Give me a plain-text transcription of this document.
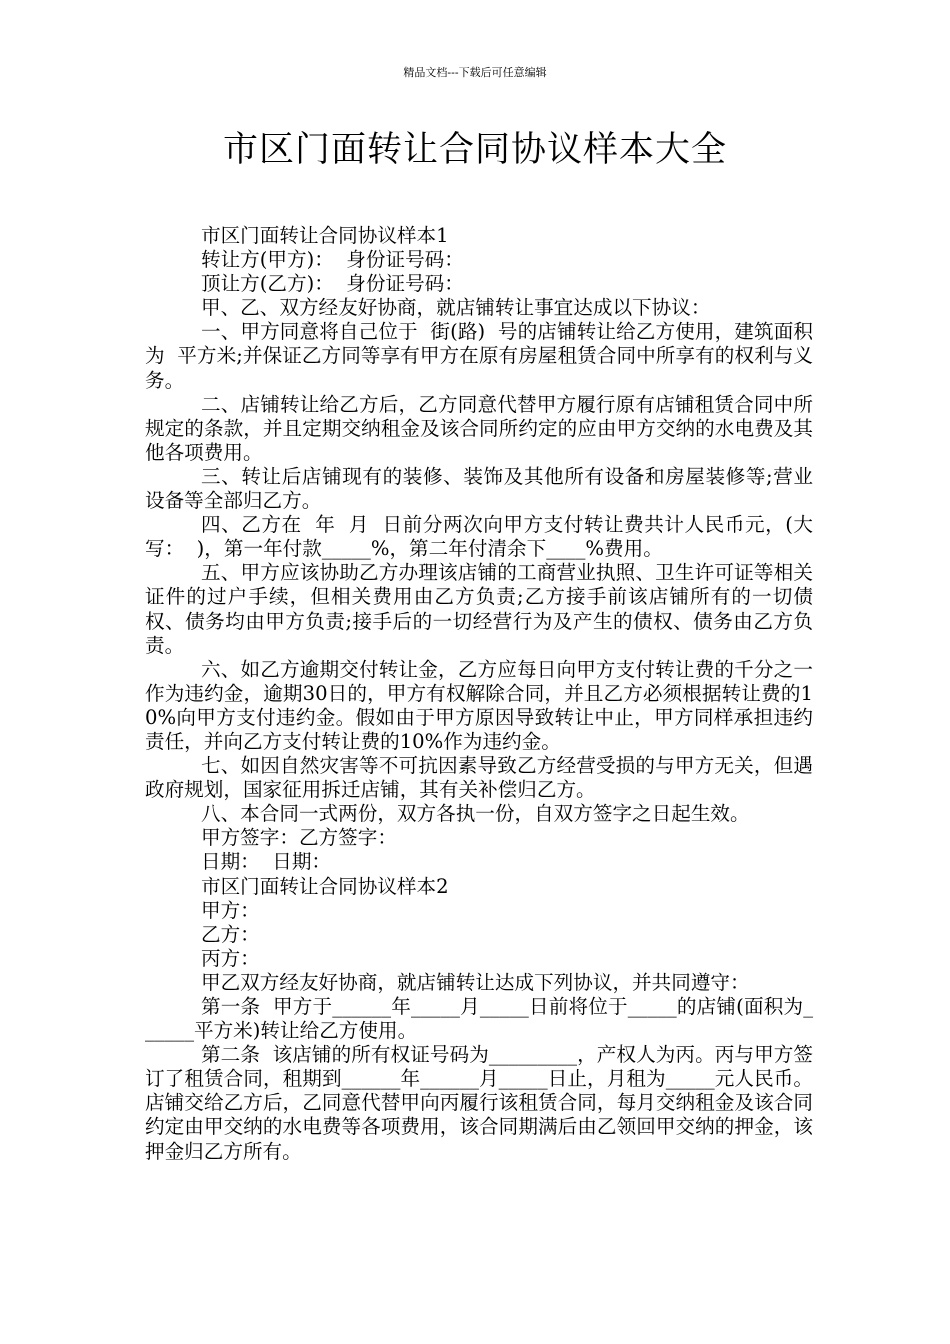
精品文档---下载后可任意编辑
市区门面转让合同协议样本大全

市区门面转让合同协议样本1

转让方(甲方)：  身份证号码：

顶让方(乙方)：  身份证号码：

甲、乙、双方经友好协商，就店铺转让事宜达成以下协议：

一、甲方同意将自己位于  街(路)  号的店铺转让给乙方使用，建筑面积为  平方米;并保证乙方同等享有甲方在原有房屋租赁合同中所享有的权利与义务。

二、店铺转让给乙方后，乙方同意代替甲方履行原有店铺租赁合同中所规定的条款，并且定期交纳租金及该合同所约定的应由甲方交纳的水电费及其他各项费用。

三、转让后店铺现有的装修、装饰及其他所有设备和房屋装修等;营业设备等全部归乙方。

四、乙方在  年  月  日前分两次向甲方支付转让费共计人民币元，(大写：  )，第一年付款_____%，第二年付清余下____%费用。

五、甲方应该协助乙方办理该店铺的工商营业执照、卫生许可证等相关证件的过户手续，但相关费用由乙方负责;乙方接手前该店铺所有的一切债权、债务均由甲方负责;接手后的一切经营行为及产生的债权、债务由乙方负责。

六、如乙方逾期交付转让金，乙方应每日向甲方支付转让费的千分之一作为违约金，逾期30日的，甲方有权解除合同，并且乙方必须根据转让费的10%向甲方支付违约金。假如由于甲方原因导致转让中止，甲方同样承担违约责任，并向乙方支付转让费的10%作为违约金。

七、如因自然灾害等不可抗因素导致乙方经营受损的与甲方无关，但遇政府规划，国家征用拆迁店铺，其有关补偿归乙方。

八、本合同一式两份，双方各执一份，自双方签字之日起生效。

甲方签字：乙方签字：

日期：  日期：

市区门面转让合同协议样本2

甲方：

乙方：

丙方：

甲乙双方经友好协商，就店铺转让达成下列协议，并共同遵守：

第一条  甲方于______年_____月_____日前将位于_____的店铺(面积为______平方米)转让给乙方使用。

第二条  该店铺的所有权证号码为_________，产权人为丙。丙与甲方签订了租赁合同，租期到______年______月_____日止，月租为_____元人民币。店铺交给乙方后，乙同意代替甲向丙履行该租赁合同，每月交纳租金及该合同约定由甲交纳的水电费等各项费用，该合同期满后由乙领回甲交纳的押金，该押金归乙方所有。
